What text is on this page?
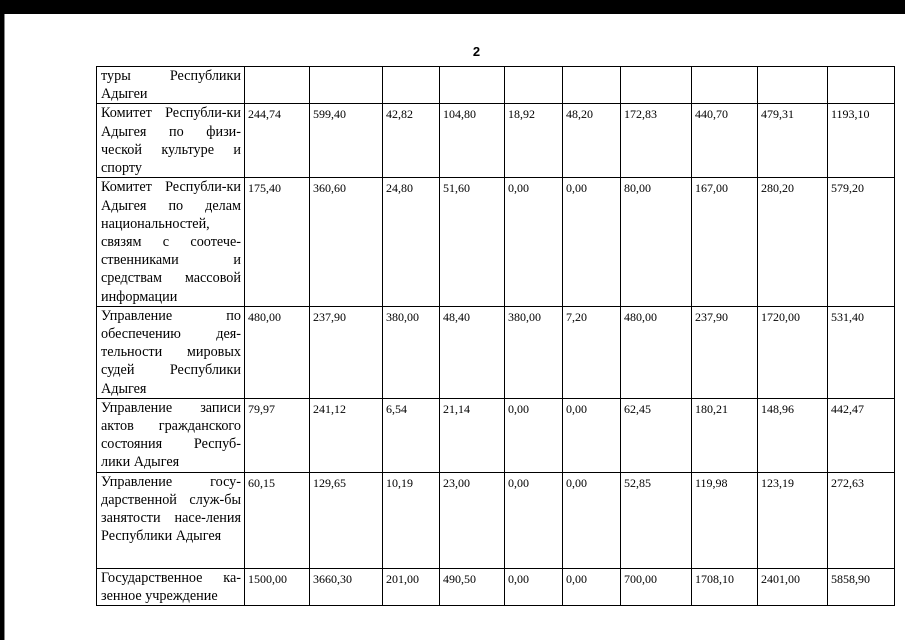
2
туры Республики Адыгеи										
Комитет Республи-ки Адыгея по физи-ческой культуре и спорту	244,74	599,40	42,82	104,80	18,92	48,20	172,83	440,70	479,31	1193,10
Комитет Республи-ки Адыгея по делам национальностей, связям с соотече-ственниками и средствам массовой информации	175,40	360,60	24,80	51,60	0,00	0,00	80,00	167,00	280,20	579,20
Управление по обеспечению дея-тельности мировых судей Республики Адыгея	480,00	237,90	380,00	48,40	380,00	7,20	480,00	237,90	1720,00	531,40
Управление записи актов гражданского состояния Респуб-лики Адыгея	79,97	241,12	6,54	21,14	0,00	0,00	62,45	180,21	148,96	442,47
Управление госу-дарственной служ-бы занятости насе-ления Республики Адыгея	60,15	129,65	10,19	23,00	0,00	0,00	52,85	119,98	123,19	272,63
Государственное ка-зенное учреждение	1500,00	3660,30	201,00	490,50	0,00	0,00	700,00	1708,10	2401,00	5858,90
